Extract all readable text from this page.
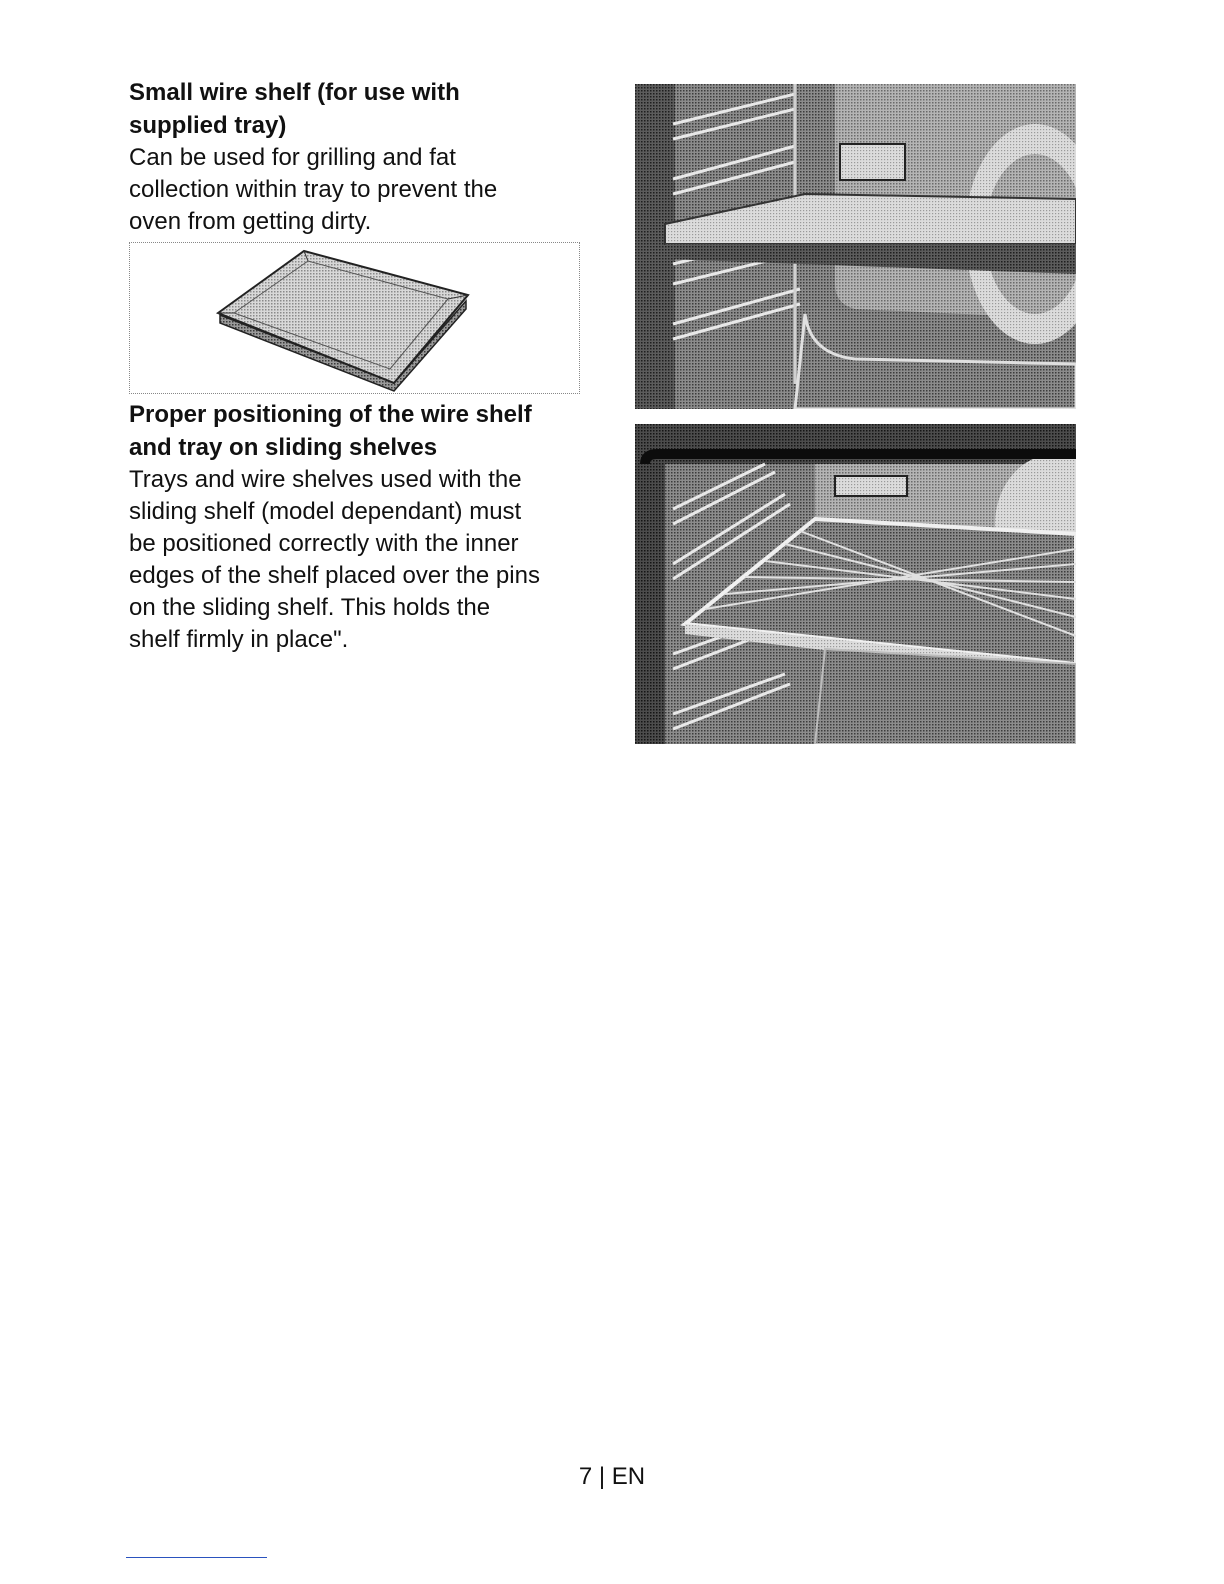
Small wire shelf (for use with
supplied tray)

Can be used for grilling and fat
collection within tray to prevent the
oven from getting dirty.

Proper positioning of the wire shelf
and tray on sliding shelves

Trays and wire shelves used with the
sliding shelf (model dependant) must
be positioned correctly with the inner
edges of the shelf placed over the pins
on the sliding shelf. This holds the
shelf firmly in place".

7 | EN
